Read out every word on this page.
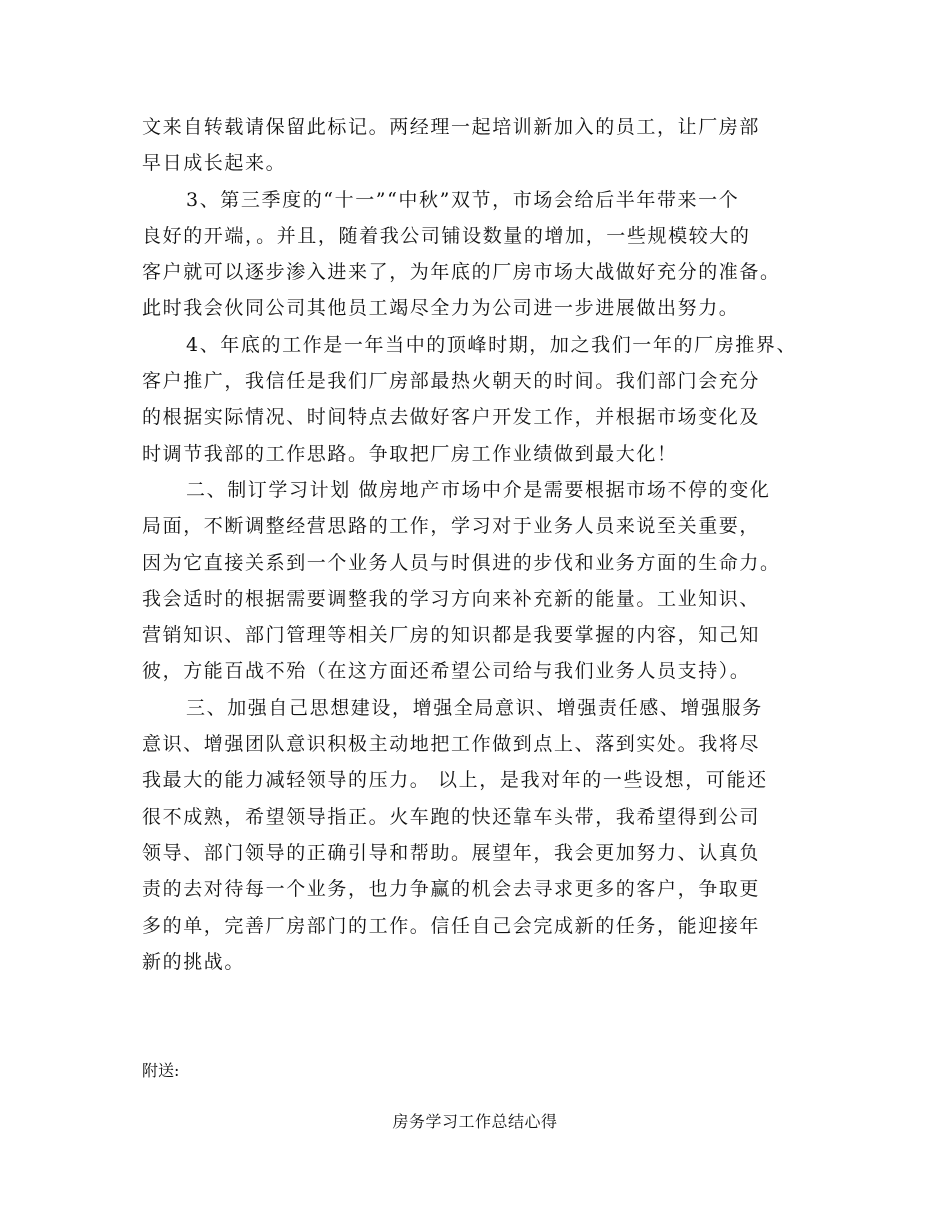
文来自转载请保留此标记。两经理一起培训新加入的员工，让厂房部
早日成长起来。
3、第三季度的“十一”“中秋”双节，市场会给后半年带来一个
良好的开端，。并且，随着我公司铺设数量的增加，一些规模较大的
客户就可以逐步渗入进来了，为年底的厂房市场大战做好充分的准备。
此时我会伙同公司其他员工竭尽全力为公司进一步进展做出努力。
4、年底的工作是一年当中的顶峰时期，加之我们一年的厂房推界、
客户推广，我信任是我们厂房部最热火朝天的时间。我们部门会充分
的根据实际情况、时间特点去做好客户开发工作，并根据市场变化及
时调节我部的工作思路。争取把厂房工作业绩做到最大化！
二、制订学习计划 做房地产市场中介是需要根据市场不停的变化
局面，不断调整经营思路的工作，学习对于业务人员来说至关重要，
因为它直接关系到一个业务人员与时俱进的步伐和业务方面的生命力。
我会适时的根据需要调整我的学习方向来补充新的能量。工业知识、
营销知识、部门管理等相关厂房的知识都是我要掌握的内容，知己知
彼，方能百战不殆（在这方面还希望公司给与我们业务人员支持）。
三、加强自己思想建设，增强全局意识、增强责任感、增强服务
意识、增强团队意识积极主动地把工作做到点上、落到实处。我将尽
我最大的能力减轻领导的压力。 以上，是我对年的一些设想，可能还
很不成熟，希望领导指正。火车跑的快还靠车头带，我希望得到公司
领导、部门领导的正确引导和帮助。展望年，我会更加努力、认真负
责的去对待每一个业务，也力争赢的机会去寻求更多的客户，争取更
多的单，完善厂房部门的工作。信任自己会完成新的任务，能迎接年
新的挑战。
附送:
房务学习工作总结心得
